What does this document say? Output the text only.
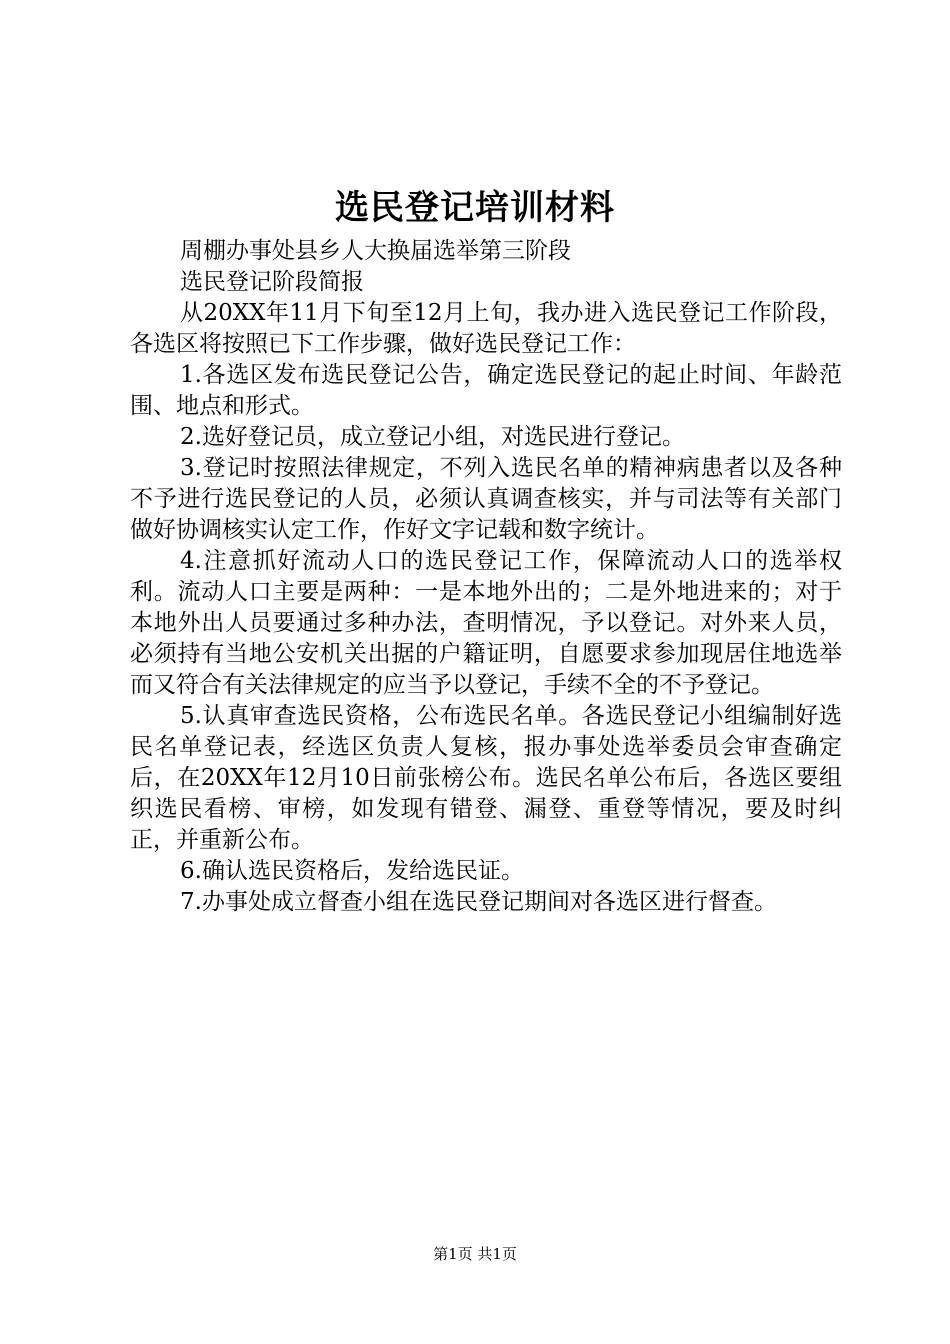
选民登记培训材料

周棚办事处县乡人大换届选举第三阶段

选民登记阶段简报

从20XX年11月下旬至12月上旬，我办进入选民登记工作阶段，各选区将按照已下工作步骤，做好选民登记工作：

1.各选区发布选民登记公告，确定选民登记的起止时间、年龄范围、地点和形式。

2.选好登记员，成立登记小组，对选民进行登记。

3.登记时按照法律规定，不列入选民名单的精神病患者以及各种不予进行选民登记的人员，必须认真调查核实，并与司法等有关部门做好协调核实认定工作，作好文字记载和数字统计。

4.注意抓好流动人口的选民登记工作，保障流动人口的选举权利。流动人口主要是两种：一是本地外出的；二是外地进来的；对于本地外出人员要通过多种办法，查明情况，予以登记。对外来人员，必须持有当地公安机关出据的户籍证明，自愿要求参加现居住地选举而又符合有关法律规定的应当予以登记，手续不全的不予登记。

5.认真审查选民资格，公布选民名单。各选民登记小组编制好选民名单登记表，经选区负责人复核，报办事处选举委员会审查确定后，在20XX年12月10日前张榜公布。选民名单公布后，各选区要组织选民看榜、审榜，如发现有错登、漏登、重登等情况，要及时纠正，并重新公布。

6.确认选民资格后，发给选民证。

7.办事处成立督查小组在选民登记期间对各选区进行督查。

第1页 共1页
